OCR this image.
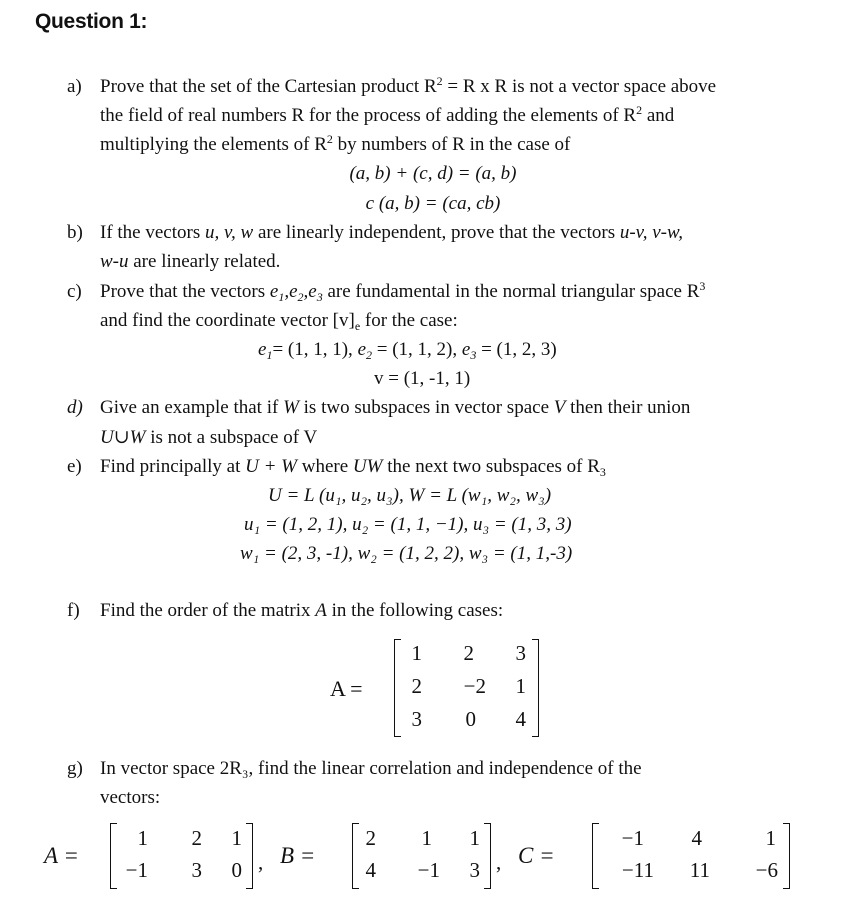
Question 1:
a) Prove that the set of the Cartesian product $R^2 = R$ x R is not a vector space above
the field of real numbers R for the process of adding the elements of $R^2$ and
multiplying the elements of $R^2$ by numbers of R in the case of
(a, b) + (c, d) = (a, b)
c (a, b) = (ca, cb)
b) If the vectors u, v, w are linearly independent, prove that the vectors u-v, v-w,
w-u are linearly related.
c) Prove that the vectors $e_1,e_2,e_3$ are fundamental in the normal triangular space $R^3$
and find the coordinate vector $[v]_e$ for the case:
$e_1= (1$, 1, 1), $e_2 = (1$, 1, 2), $e_3 = (1$, 2, 3)
v = (1, -1, 1)
d) Give an example that if W is two subspaces in vector space V then their union
U∪W is not a subspace of V
e) Find principally at U + W where UW the next two subspaces of $R_3$
U = L (u₁, u₂, u₃), W = L (w₁, w₂, w₃)
u₁ = (1, 2, 1), u₂ = (1, 1, −1), u₃ = (1, 3, 3)
w₁ = (2, 3, -1), w₂ = (1, 2, 2), w₃ = (1, 1,-3)
f) Find the order of the matrix A in the following cases:
A =
1	2	3
2	−2	1
3	0	4
g) In vector space 2R₃, find the linear correlation and independence of the
vectors:
A =
1	2	1
−1	3	0 , B =
2	1	1
4	−1	3 , C =
−1	4	1
−11	11	−6
